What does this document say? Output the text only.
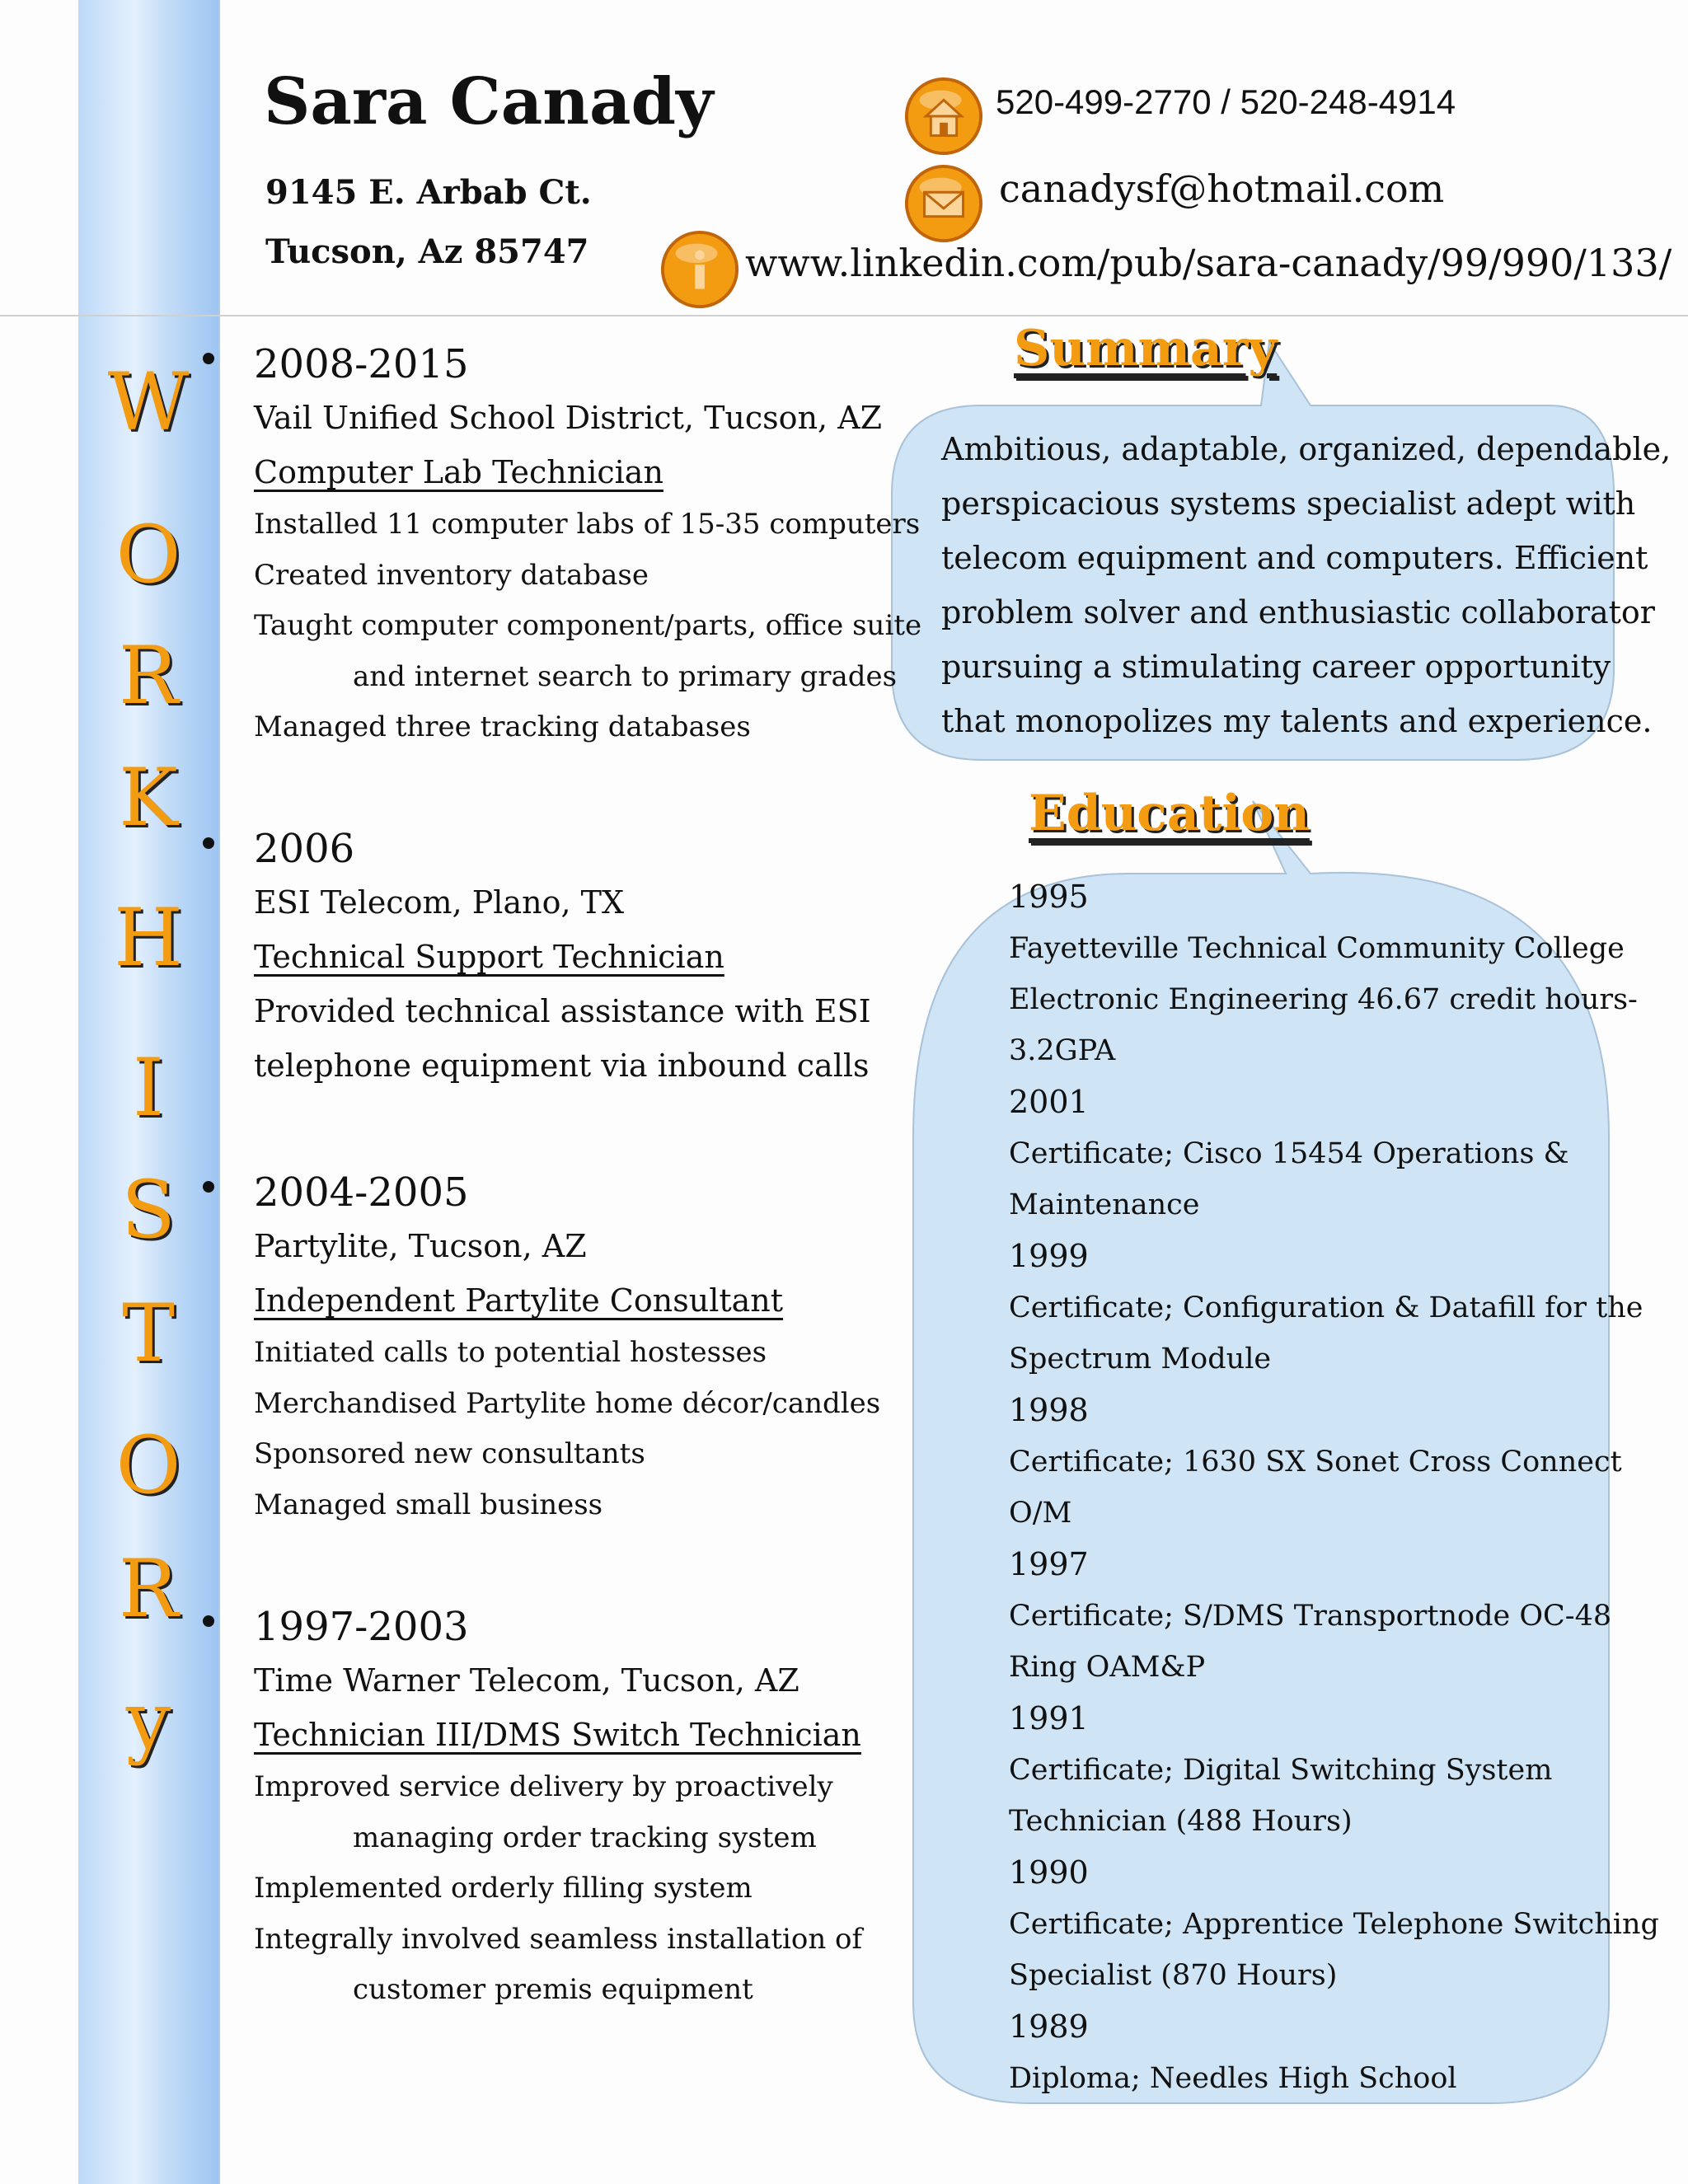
W
O
R
K
H
I
S
T
O
R
y
Sara Canady
9145 E. Arbab Ct.
Tucson, Az 85747
520-499-2770 / 520-248-4914
canadysf@hotmail.com
www.linkedin.com/pub/sara-canady/99/990/133/
Summary
Ambitious, adaptable, organized, dependable,
perspicacious systems specialist adept with
telecom equipment and computers. Efficient
problem solver and enthusiastic collaborator
pursuing a stimulating career opportunity
that monopolizes my talents and experience.
Education
1995
Fayetteville Technical Community College
Electronic Engineering 46.67 credit hours-
3.2GPA
2001
Certificate; Cisco 15454 Operations &
Maintenance
1999
Certificate; Configuration & Datafill for the
Spectrum Module
1998
Certificate; 1630 SX Sonet Cross Connect
O/M
1997
Certificate; S/DMS Transportnode OC-48
Ring OAM&P
1991
Certificate; Digital Switching System
Technician (488 Hours)
1990
Certificate; Apprentice Telephone Switching
Specialist (870 Hours)
1989
Diploma; Needles High School
2008-2015
Vail Unified School District, Tucson, AZ
Computer Lab Technician
Installed 11 computer labs of 15-35 computers
Created inventory database
Taught computer component/parts, office suite
and internet search to primary grades
Managed three tracking databases
2006
ESI Telecom, Plano, TX
Technical Support Technician
Provided technical assistance with ESI
telephone equipment via inbound calls
2004-2005
Partylite, Tucson, AZ
Independent Partylite Consultant
Initiated calls to potential hostesses
Merchandised Partylite home décor/candles
Sponsored new consultants
Managed small business
1997-2003
Time Warner Telecom, Tucson, AZ
Technician III/DMS Switch Technician
Improved service delivery by proactively
managing order tracking system
Implemented orderly filling system
Integrally involved seamless installation of
customer premis equipment
